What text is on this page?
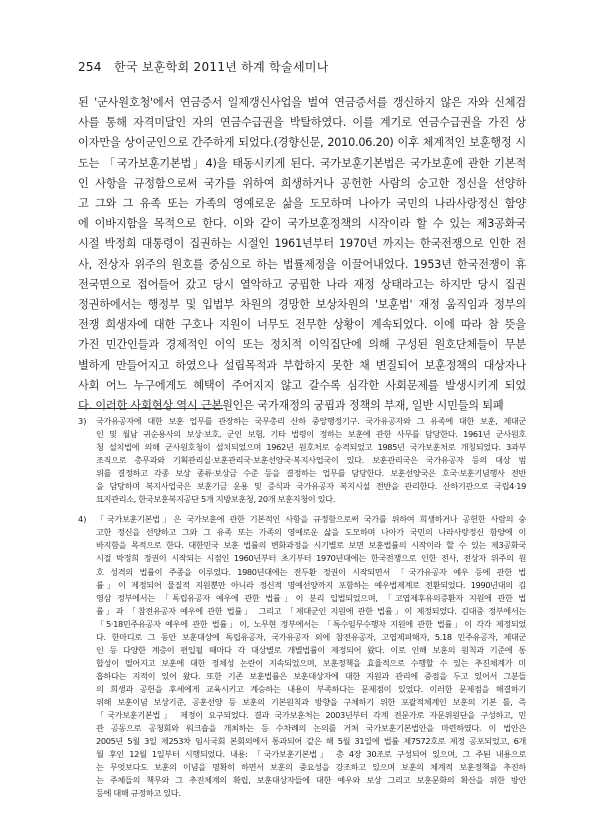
254 한국 보훈학회 2011년 하계 학술세미나
된 '군사원호청'에서 연금증서 일제갱신사업을 벌여 연금증서를 갱신하지 않은 자와 신체검
사를 통해 자격미달인 자의 연금수급권을 박탈하였다. 이를 계기로 연금수급권을 가진 상
이자만을 상이군인으로 간주하게 되었다.(경향신문, 2010.06.20) 이후 체계적인 보훈행정 시
도는 「국가보훈기본법」4)을 태동시키게 된다. 국가보훈기본법은 국가보훈에 관한 기본적
인 사항을 규정함으로써 국가를 위하여 희생하거나 공헌한 사람의 숭고한 정신을 선양하
고 그와 그 유족 또는 가족의 영예로운 삶을 도모하며 나아가 국민의 나라사랑정신 함양
에 이바지함을 목적으로 한다. 이와 같이 국가보훈정책의 시작이라 할 수 있는 제3공화국
시절 박정희 대통령이 집권하는 시절인 1961년부터 1970년 까지는 한국전쟁으로 인한 전
사, 전상자 위주의 원호를 중심으로 하는 법률제정을 이끌어내었다. 1953년 한국전쟁이 휴
전국면으로 접어들어 갔고 당시 열악하고 궁핍한 나라 재정 상태라고는 하지만 당시 집권
정권하에서는 행정부 및 입법부 차원의 경망한 보상차원의 '보훈법' 재정 움직임과 정부의
전쟁 희생자에 대한 구호나 지원이 너무도 전무한 상황이 계속되었다. 이에 따라 참 뜻을
가진 민간인들과 경제적인 이익 또는 정치적 이익집단에 의해 구성된 원호단체들이 무분
별하게 만들어지고 하였으나 설립목적과 부합하지 못한 채 변질되어 보훈정책의 대상자나
사회 어느 누구에게도 혜택이 주어지지 않고 갈수록 심각한 사회문제를 발생시키게 되었
다. 이러한 사회현상 역시 근본원인은 국가재정의 궁핍과 정책의 부재, 일반 시민들의 퇴폐
3)	국가유공자에 대한 보훈 업무를 관장하는 국무총리 산하 중앙행정기구. 국가유공자와 그 유족에 대한 보훈, 제대군
인 및 월남 귀순용사의 보상·보호, 군인 보험, 기타 법령이 정하는 보훈에 관한 사무를 담당한다. 1961년 군사원호
청 설치법에 의해 군사원호청이 설치되었으며 1962년 원호처로 승격되었고 1985년 국가보훈처로 개칭되었다. 3과부
조직으로 총무과와 기획관리실·보훈관리국·보훈선양국·복지사업국이 있다. 보훈관리국은 국가유공자 등의 대상 범
위를 결정하고 각종 보상 종류·보상금 수준 등을 결정하는 업무를 담당한다. 보훈선양국은 호국·보훈기념행사 전반
을 담당하며 복지사업국은 보훈기금 운용 및 증식과 국가유공자 복지시설 전반을 관리한다. 산하기관으로 국립4·19
묘지관리소, 한국보훈복지공단 5개 지방보훈청, 20개 보훈지청이 있다.
4)	「국가보훈기본법」은 국가보훈에 관한 기본적인 사항을 규정함으로써 국가를 위하여 희생하거나 공헌한 사람의 숭
고한 정신을 선양하고 그와 그 유족 또는 가족의 영예로운 삶을 도모하며 나아가 국민의 나라사랑정신 함양에 이
바지함을 목적으로 한다. 대한민국 보훈 법률의 변화과정을 시기별로 보면 보훈법률의 시작이라 할 수 있는 제3공화국
시절 박정희 정권이 시작되는 시점인 1960년부터 초기부터 1970년대에는 한국전쟁으로 인한 전사, 전상자 위주의 원
호 성격의 법률이 주종을 이루었다. 1980년대에는 전두환 정권이 시작되면서 「국가유공자 예우 등에 관한 법
률」이 제정되어 물질적 지원뿐만 아니라 정신적 명예선양까지 포함하는 예우법제계로 전환되었다. 1990년대의 김
영삼 정부에서는 「독립유공자 예우에 관한 법률」이 분리 입법되었으며, 「고엽제후유의증환자 지원에 관한 법
률」과 「참전유공자 예우에 관한 법률」 그리고 「제대군인 지원에 관한 법률」이 제정되었다. 김대중 정부에서는
「5·18민주유공자 예우에 관한 법률」이, 노무현 정부에서는 「특수임무수행자 지원에 관한 법률」이 각각 제정되었
다. 한마디로 그 동안 보훈대상에 독립유공자, 국가유공자 외에 참전유공자, 고엽제피해자, 5.18 민주유공자, 제대군
인 등 다양한 계층이 편입될 때마다 각 대상별로 개별법률이 제정되어 왔다. 이로 인해 보훈의 원칙과 기준에 통
합성이 떨어지고 보훈에 대한 정체성 논란이 지속되었으며, 보훈정책을 효율적으로 수행할 수 있는 추진체계가 미
흡하다는 지적이 있어 왔다. 또한 기존 보훈법률은 보훈대상자에 대한 지원과 관리에 중점을 두고 있어서 그분들
의 희생과 공헌을 후세에게 교육시키고 계승하는 내용이 부족하다는 문제점이 있었다. 이러한 문제점을 해결하기
위해 보훈이념 보상기준, 공훈선양 등 보훈의 기본원칙과 방향을 구체하기 위한 포괄적체계인 보훈의 기본 틀, 즉
「국가보훈기본법」 제정이 요구되었다. 결과 국가보훈처는 2003년부터 각계 전문가로 자문위원단을 구성하고, 민
관 공동으로 공청회와 워크숍을 개최하는 등 수차례의 논의를 거쳐 국가보훈기본법안을 마련하였다. 이 법안은
2005년 5월 3일 제253차 임시국회 본회의에서 통과되어 같은 해 5월 31일에 법률 제7572호로 제정 공포되었고, 6개
월 후인 12월 1일부터 시행되었다. 내용: 「국가보훈기본법」 총 4장 30조로 구성되어 있으며, 그 주된 내용으로
는 무엇보다도 보훈의 이념을 명확히 하면서 보훈의 중요성을 강조하고 있으며 보훈의 체계적 보훈정책을 추진하
는 주체들의 책무와 그 추진체계의 확립, 보훈대상자들에 대한 예우와 보상 그리고 보훈문화의 확산을 위한 방안
등에 대해 규정하고 있다.
